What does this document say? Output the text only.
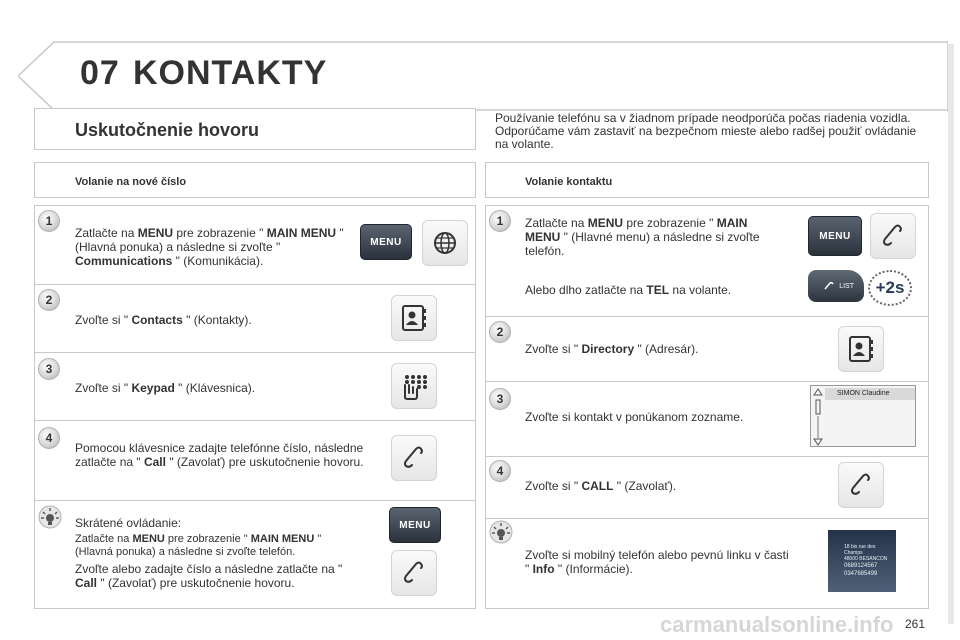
07 KONTAKTY
Uskutočnenie hovoru
Používanie telefónu sa v žiadnom prípade neodporúča počas riadenia vozidla. Odporúčame vám zastaviť na bezpečnom mieste alebo radšej použiť ovládanie na volante.
Volanie na nové číslo
1
Zatlačte na MENU pre zobrazenie " MAIN MENU " (Hlavná ponuka) a následne si zvoľte " Communications " (Komunikácia).
MENU
2
Zvoľte si " Contacts " (Kontakty).
3
Zvoľte si " Keypad " (Klávesnica).
4
Pomocou klávesnice zadajte telefónne číslo, následne zatlačte na " Call " (Zavolať) pre uskutočnenie hovoru.
Skrátené ovládanie:
Zatlačte na MENU pre zobrazenie " MAIN MENU " (Hlavná ponuka) a následne si zvoľte telefón.
Zvoľte alebo zadajte číslo a následne zatlačte na " Call " (Zavolať) pre uskutočnenie hovoru.
MENU
Volanie kontaktu
1	Zatlačte na MENU pre zobrazenie " MAIN MENU " (Hlavné menu) a následne si zvoľte telefón.
Alebo dlho zatlačte na TEL na volante.
MENU
LIST	+2s
2
Zvoľte si " Directory " (Adresár).
3
Zvoľte si kontakt v ponúkanom zozname.
SIMON Claudine
4
Zvoľte si " CALL " (Zavolať).
Zvoľte si mobilný telefón alebo pevnú linku v časti " Info " (Informácie).
18 bis rue des Champs
48000 BESANCON
0689124567
0347685499
carmanualsonline.info 261
